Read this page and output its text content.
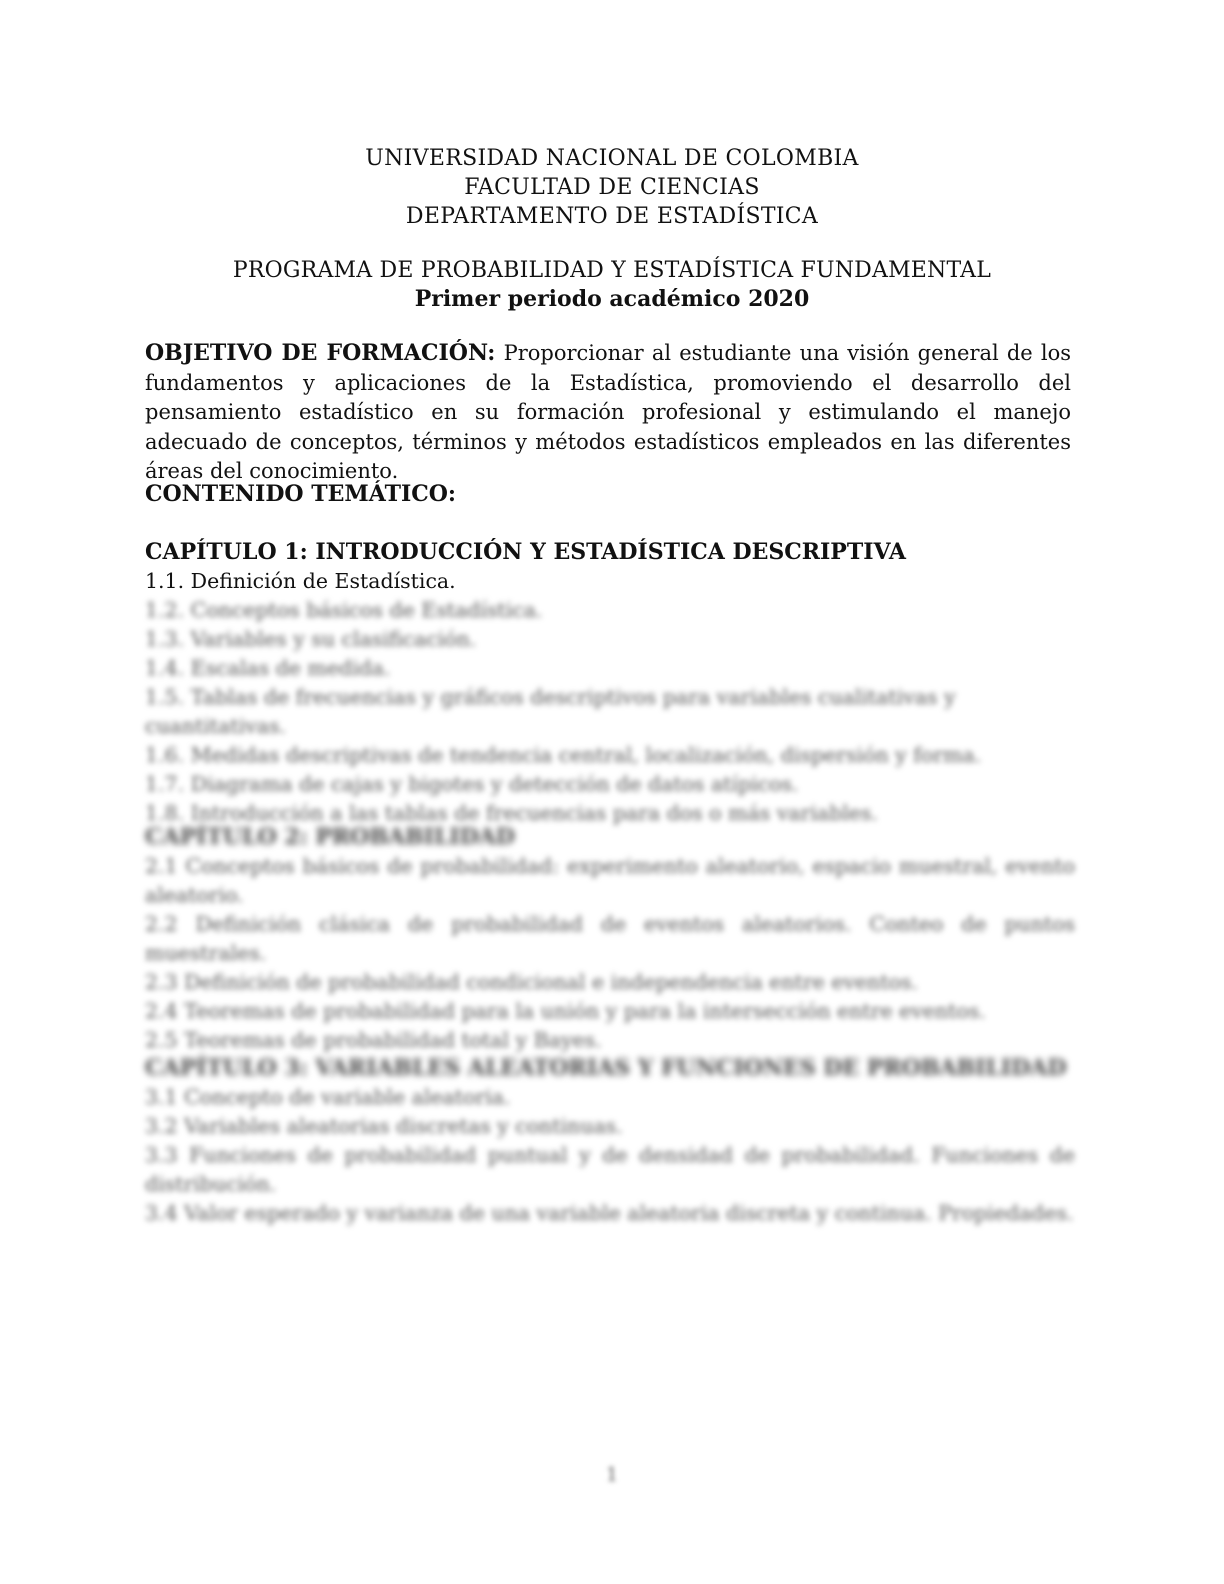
UNIVERSIDAD NACIONAL DE COLOMBIA
FACULTAD DE CIENCIAS
DEPARTAMENTO DE ESTADÍSTICA
PROGRAMA DE PROBABILIDAD Y ESTADÍSTICA FUNDAMENTAL
Primer periodo académico 2020
OBJETIVO DE FORMACIÓN: Proporcionar al estudiante una visión general de los fundamentos y aplicaciones de la Estadística, promoviendo el desarrollo del pensamiento estadístico en su formación profesional y estimulando el manejo adecuado de conceptos, términos y métodos estadísticos empleados en las diferentes áreas del conocimiento.
CONTENIDO TEMÁTICO:
CAPÍTULO 1: INTRODUCCIÓN Y ESTADÍSTICA DESCRIPTIVA
1.1. Definición de Estadística.
1.2. Conceptos básicos de Estadística.
1.3. Variables y su clasificación.
1.4. Escalas de medida.
1.5. Tablas de frecuencias y gráficos descriptivos para variables cualitativas y cuantitativas.
1.6. Medidas descriptivas de tendencia central, localización, dispersión y forma.
1.7. Diagrama de cajas y bigotes y detección de datos atípicos.
1.8. Introducción a las tablas de frecuencias para dos o más variables.
CAPÍTULO 2: PROBABILIDAD
2.1 Conceptos básicos de probabilidad: experimento aleatorio, espacio muestral, evento aleatorio.
2.2 Definición clásica de probabilidad de eventos aleatorios. Conteo de puntos muestrales.
2.3 Definición de probabilidad condicional e independencia entre eventos.
2.4 Teoremas de probabilidad para la unión y para la intersección entre eventos.
2.5 Teoremas de probabilidad total y Bayes.
CAPÍTULO 3: VARIABLES ALEATORIAS Y FUNCIONES DE PROBABILIDAD
3.1 Concepto de variable aleatoria.
3.2 Variables aleatorias discretas y continuas.
3.3 Funciones de probabilidad puntual y de densidad de probabilidad. Funciones de distribución.
3.4 Valor esperado y varianza de una variable aleatoria discreta y continua. Propiedades.
1
